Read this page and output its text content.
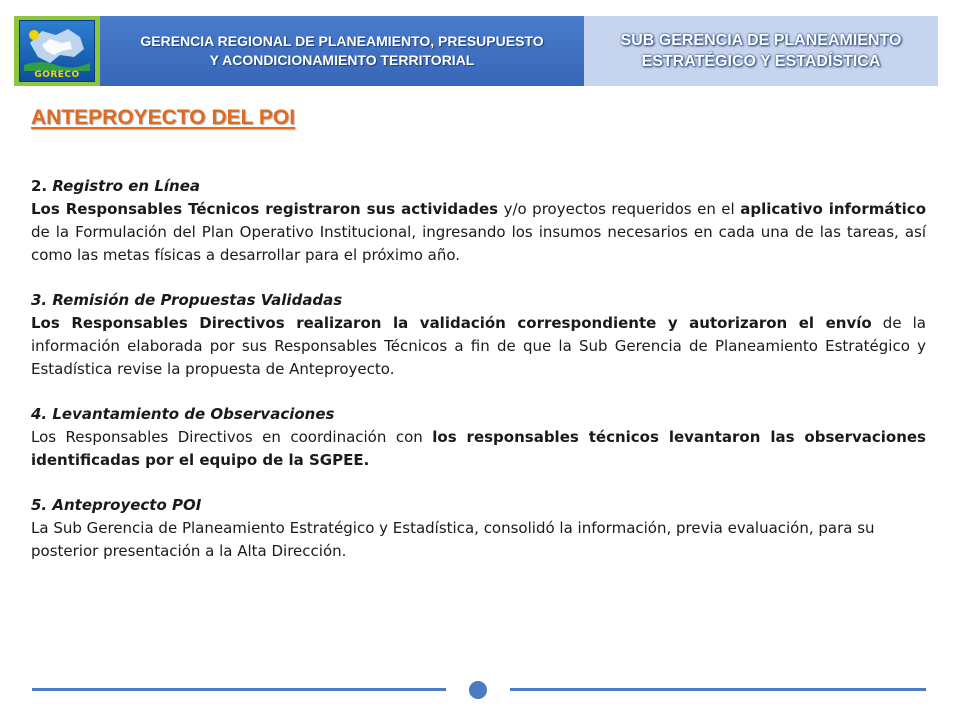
GORECO
GERENCIA REGIONAL DE PLANEAMIENTO, PRESUPUESTO
Y ACONDICIONAMIENTO TERRITORIAL
SUB GERENCIA DE PLANEAMIENTO
ESTRATÉGICO Y ESTADÍSTICA
ANTEPROYECTO DEL POI
2. Registro en Línea

Los Responsables Técnicos registraron sus actividades y/o proyectos requeridos en el aplicativo informático de la Formulación del Plan Operativo Institucional, ingresando los insumos necesarios en cada una de las tareas, así como las metas físicas a desarrollar para el próximo año.

3. Remisión de Propuestas Validadas

Los Responsables Directivos realizaron la validación correspondiente y autorizaron el envío de la información elaborada por sus Responsables Técnicos a fin de que la Sub Gerencia de Planeamiento Estratégico y Estadística revise la propuesta de Anteproyecto.

4. Levantamiento de Observaciones

Los Responsables Directivos en coordinación con los responsables técnicos levantaron las observaciones identificadas por el equipo de la SGPEE.

5. Anteproyecto POI

La Sub Gerencia de Planeamiento Estratégico y Estadística, consolidó la información, previa evaluación, para su posterior presentación a la Alta Dirección.
